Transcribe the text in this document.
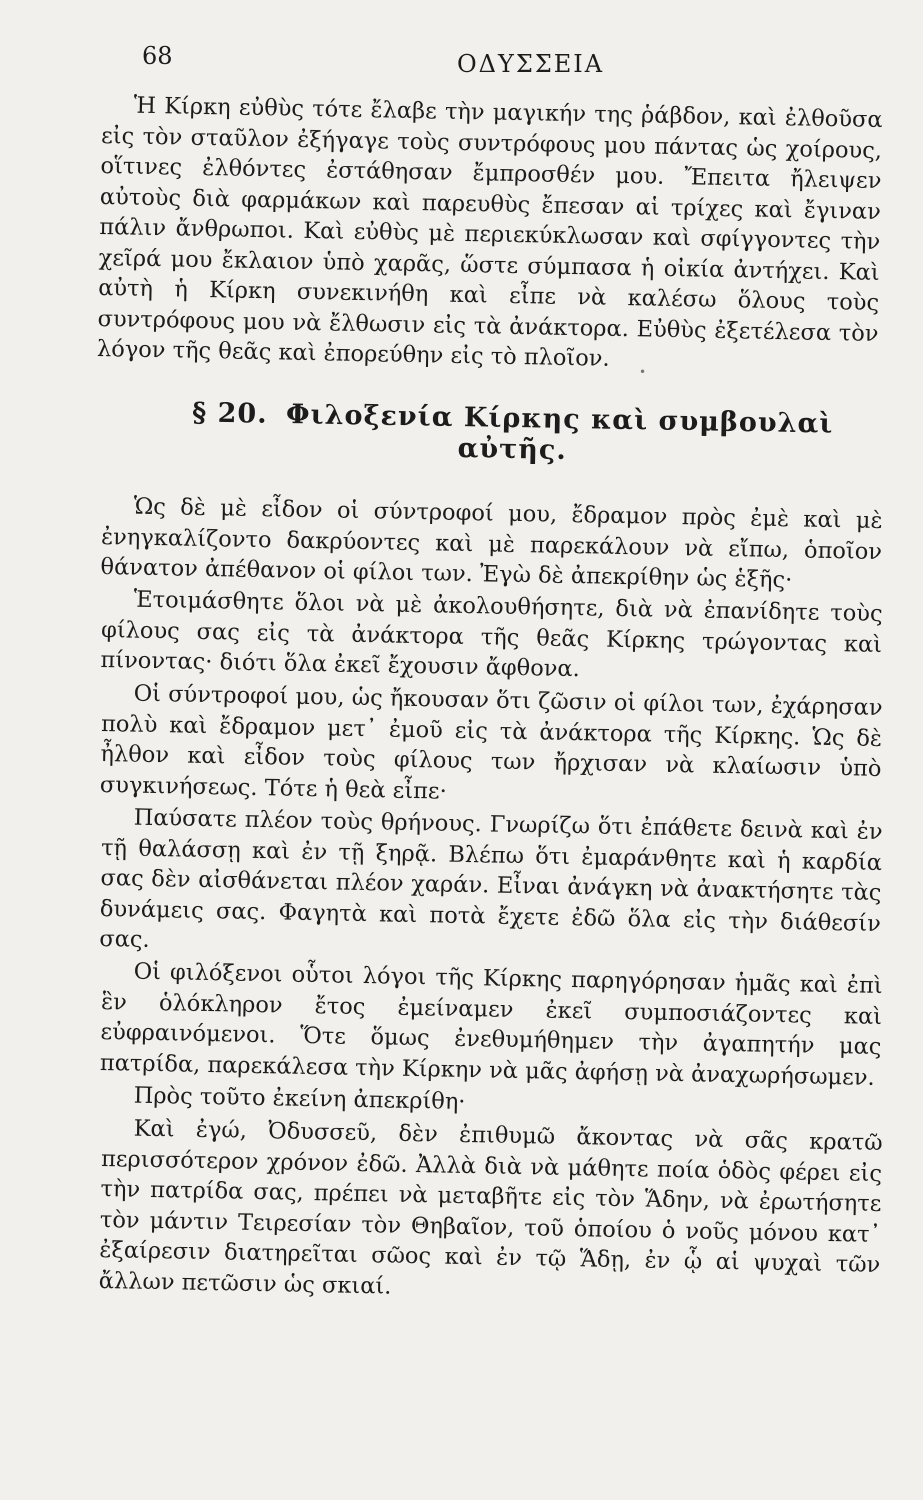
68	ΟΔΥΣΣΕΙΑ

Ἡ Κίρκη εὐθὺς τότε ἔλαβε τὴν μαγικήν της ῥάβδον, καὶ ἐλθοῦσα εἰς τὸν σταῦλον ἐξήγαγε τοὺς συντρόφους μου πάντας ὡς χοίρους, οἵτινες ἐλθόντες ἐστάθησαν ἔμπροσθέν μου. Ἔπειτα ἤλειψεν αὐτοὺς διὰ φαρμάκων καὶ παρευθὺς ἔπεσαν αἱ τρίχες καὶ ἔγιναν πάλιν ἄνθρωποι. Καὶ εὐθὺς μὲ περιεκύκλωσαν καὶ σφίγγοντες τὴν χεῖρά μου ἔκλαιον ὑπὸ χαρᾶς, ὥστε σύμπασα ἡ οἰκία ἀντήχει. Καὶ αὐτὴ ἡ Κίρκη συνεκινήθη καὶ εἶπε νὰ καλέσω ὅλους τοὺς συντρόφους μου νὰ ἔλθωσιν εἰς τὰ ἀνάκτορα. Εὐθὺς ἐξετέλεσα τὸν λόγον τῆς θεᾶς καὶ ἐπορεύθην εἰς τὸ πλοῖον.	•
§ 20. Φιλοξενία Κίρκης καὶ συμβουλαὶ αὐτῆς.

Ὡς δὲ μὲ εἶδον οἱ σύντροφοί μου, ἔδραμον πρὸς ἐμὲ καὶ μὲ ἐνηγκαλίζοντο δακρύοντες καὶ μὲ παρεκάλουν νὰ εἴπω, ὁποῖον θάνατον ἀπέθανον οἱ φίλοι των. Ἐγὼ δὲ ἀπεκρίθην ὡς ἑξῆς·

Ἑτοιμάσθητε ὅλοι νὰ μὲ ἀκολουθήσητε, διὰ νὰ ἐπανίδητε τοὺς φίλους σας εἰς τὰ ἀνάκτορα τῆς θεᾶς Κίρκης τρώγοντας καὶ πίνοντας· διότι ὅλα ἐκεῖ ἔχουσιν ἄφθονα.

Οἱ σύντροφοί μου, ὡς ἤκουσαν ὅτι ζῶσιν οἱ φίλοι των, ἐχάρησαν πολὺ καὶ ἔδραμον μετ᾽ ἐμοῦ εἰς τὰ ἀνάκτορα τῆς Κίρκης. Ὡς δὲ ἦλθον καὶ εἶδον τοὺς φίλους των ἤρχισαν νὰ κλαίωσιν ὑπὸ συγκινήσεως. Τότε ἡ θεὰ εἶπε·

Παύσατε πλέον τοὺς θρήνους. Γνωρίζω ὅτι ἐπάθετε δεινὰ καὶ ἐν τῇ θαλάσσῃ καὶ ἐν τῇ ξηρᾷ. Βλέπω ὅτι ἐμαράνθητε καὶ ἡ καρδία σας δὲν αἰσθάνεται πλέον χαράν. Εἶναι ἀνάγκη νὰ ἀνακτήσητε τὰς δυνάμεις σας. Φαγητὰ καὶ ποτὰ ἔχετε ἐδῶ ὅλα εἰς τὴν διάθεσίν σας.

Οἱ φιλόξενοι οὗτοι λόγοι τῆς Κίρκης παρηγόρησαν ἡμᾶς καὶ ἐπὶ ἓν ὁλόκληρον ἔτος ἐμείναμεν ἐκεῖ συμποσιάζοντες καὶ εὐφραινόμενοι. Ὅτε ὅμως ἐνεθυμήθημεν τὴν ἀγαπητήν μας πατρίδα, παρεκάλεσα τὴν Κίρκην νὰ μᾶς ἀφήσῃ νὰ ἀναχωρήσωμεν.

Πρὸς τοῦτο ἐκείνη ἀπεκρίθη·

Καὶ ἐγώ, Ὀδυσσεῦ, δὲν ἐπιθυμῶ ἄκοντας νὰ σᾶς κρατῶ περισσότερον χρόνον ἐδῶ. Ἀλλὰ διὰ νὰ μάθητε ποία ὁδὸς φέρει εἰς τὴν πατρίδα σας, πρέπει νὰ μεταβῆτε εἰς τὸν Ἅδην, νὰ ἐρωτήσητε τὸν μάντιν Τειρεσίαν τὸν Θηβαῖον, τοῦ ὁποίου ὁ νοῦς μόνου κατ᾽ ἐξαίρεσιν διατηρεῖται σῶος καὶ ἐν τῷ Ἅδῃ, ἐν ᾧ αἱ ψυχαὶ τῶν ἄλλων πετῶσιν ὡς σκιαί.
